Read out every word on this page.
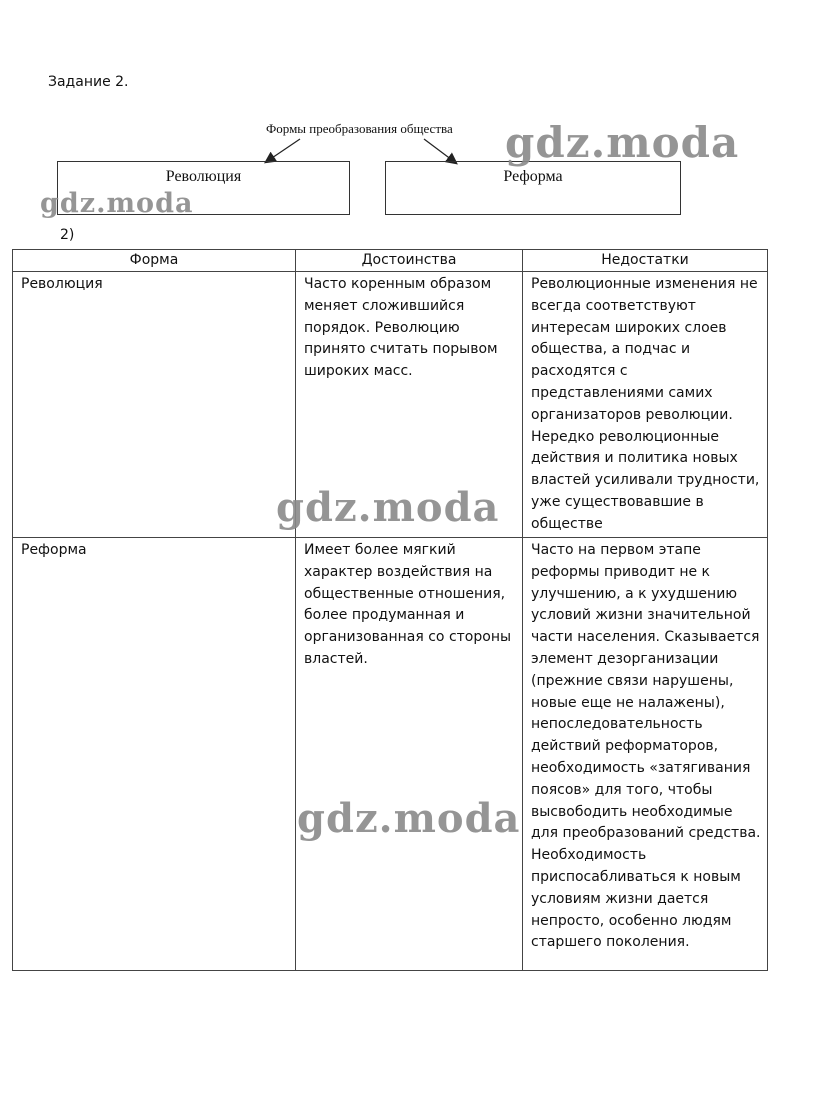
Задание 2.
Формы преобразования общества
Революция	Реформа
2)
Форма	Достоинства	Недостатки
Революция	Часто коренным образом меняет сложившийся порядок. Революцию принято считать порывом широких масс.	Революционные изменения не всегда соответствуют интересам широких слоев общества, а подчас и расходятся с представлениями самих организаторов революции. Нередко революционные действия и политика новых властей усиливали трудности, уже существовавшие в обществе

Реформа	Имеет более мягкий характер воздействия на общественные отношения, более продуманная и организованная со стороны властей.	Часто на первом этапе реформы приводит не к улучшению, а к ухудшению условий жизни значительной части населения. Сказывается элемент дезорганизации (прежние связи нарушены, новые еще не налажены), непоследовательность действий реформаторов, необходимость «затягивания поясов» для того, чтобы высвободить необходимые для преобразований средства. Необходимость приспосабливаться к новым условиям жизни дается непросто, особенно людям старшего поколения.
gdz.moda
gdz.moda
gdz.moda
gdz.moda
